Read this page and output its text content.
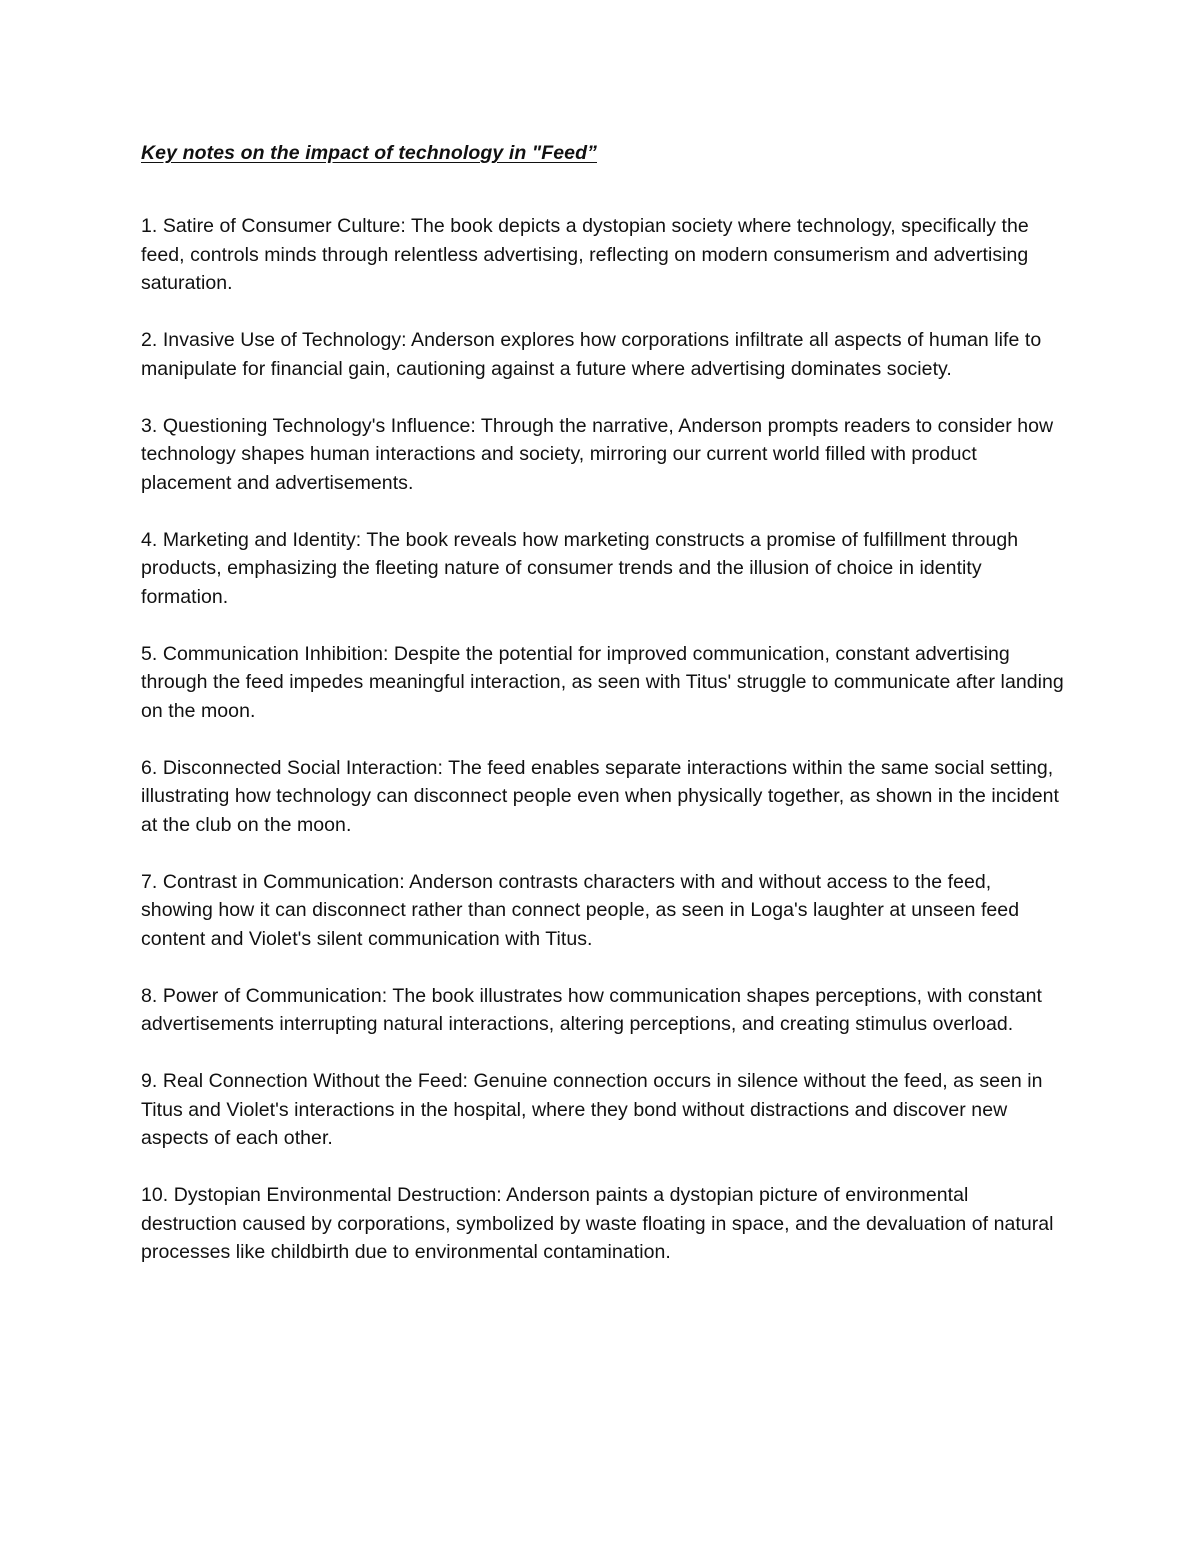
Key notes on the impact of technology in "Feed”
1. Satire of Consumer Culture: The book depicts a dystopian society where technology, specifically the feed, controls minds through relentless advertising, reflecting on modern consumerism and advertising saturation.
2. Invasive Use of Technology: Anderson explores how corporations infiltrate all aspects of human life to manipulate for financial gain, cautioning against a future where advertising dominates society.
3. Questioning Technology's Influence: Through the narrative, Anderson prompts readers to consider how technology shapes human interactions and society, mirroring our current world filled with product placement and advertisements.
4. Marketing and Identity: The book reveals how marketing constructs a promise of fulfillment through products, emphasizing the fleeting nature of consumer trends and the illusion of choice in identity formation.
5. Communication Inhibition: Despite the potential for improved communication, constant advertising through the feed impedes meaningful interaction, as seen with Titus' struggle to communicate after landing on the moon.
6. Disconnected Social Interaction: The feed enables separate interactions within the same social setting, illustrating how technology can disconnect people even when physically together, as shown in the incident at the club on the moon.
7. Contrast in Communication: Anderson contrasts characters with and without access to the feed, showing how it can disconnect rather than connect people, as seen in Loga's laughter at unseen feed content and Violet's silent communication with Titus.
8. Power of Communication: The book illustrates how communication shapes perceptions, with constant advertisements interrupting natural interactions, altering perceptions, and creating stimulus overload.
9. Real Connection Without the Feed: Genuine connection occurs in silence without the feed, as seen in Titus and Violet's interactions in the hospital, where they bond without distractions and discover new aspects of each other.
10. Dystopian Environmental Destruction: Anderson paints a dystopian picture of environmental destruction caused by corporations, symbolized by waste floating in space, and the devaluation of natural processes like childbirth due to environmental contamination.
